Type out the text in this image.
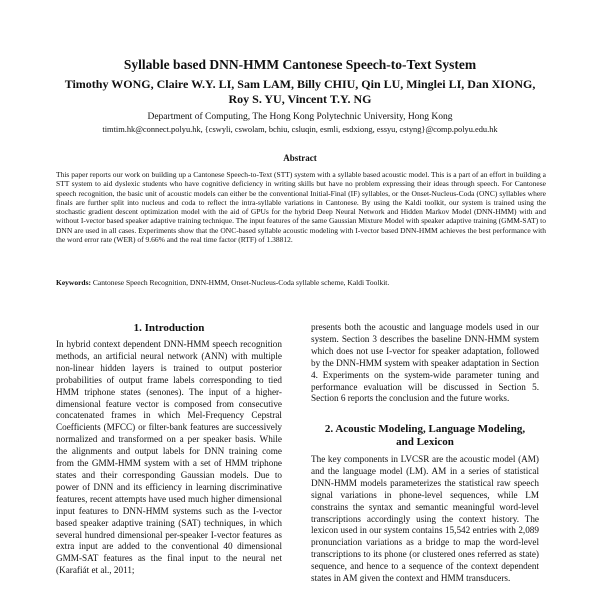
Syllable based DNN-HMM Cantonese Speech-to-Text System
Timothy WONG, Claire W.Y. LI, Sam LAM, Billy CHIU, Qin LU, Minglei LI, Dan XIONG,
Roy S. YU, Vincent T.Y. NG
Department of Computing, The Hong Kong Polytechnic University, Hong Kong
timtim.hk@connect.polyu.hk, {cswyli, cswolam, bchiu, csluqin, esmli, esdxiong, essyu, cstyng}@comp.polyu.edu.hk
Abstract

This paper reports our work on building up a Cantonese Speech-to-Text (STT) system with a syllable based acoustic model. This is a part of an effort in building a STT system to aid dyslexic students who have cognitive deficiency in writing skills but have no problem expressing their ideas through speech. For Cantonese speech recognition, the basic unit of acoustic models can either be the conventional Initial-Final (IF) syllables, or the Onset-Nucleus-Coda (ONC) syllables where finals are further split into nucleus and coda to reflect the intra-syllable variations in Cantonese. By using the Kaldi toolkit, our system is trained using the stochastic gradient descent optimization model with the aid of GPUs for the hybrid Deep Neural Network and Hidden Markov Model (DNN-HMM) with and without I-vector based speaker adaptive training technique. The input features of the same Gaussian Mixture Model with speaker adaptive training (GMM-SAT) to DNN are used in all cases. Experiments show that the ONC-based syllable acoustic modeling with I-vector based DNN-HMM achieves the best performance with the word error rate (WER) of 9.66% and the real time factor (RTF) of 1.38812.

Keywords: Cantonese Speech Recognition, DNN-HMM, Onset-Nucleus-Coda syllable scheme, Kaldi Toolkit.

1. Introduction

In hybrid context dependent DNN-HMM speech recognition methods, an artificial neural network (ANN) with multiple non-linear hidden layers is trained to output posterior probabilities of output frame labels corresponding to tied HMM triphone states (senones). The input of a higher-dimensional feature vector is composed from consecutive concatenated frames in which Mel-Frequency Cepstral Coefficients (MFCC) or filter-bank features are successively normalized and transformed on a per speaker basis. While the alignments and output labels for DNN training come from the GMM-HMM system with a set of HMM triphone states and their corresponding Gaussian models. Due to power of DNN and its efficiency in learning discriminative features, recent attempts have used much higher dimensional input features to DNN-HMM systems such as the I-vector based speaker adaptive training (SAT) techniques, in which several hundred dimensional per-speaker I-vector features as extra input are added to the conventional 40 dimensional GMM-SAT features as the final input to the neural net (Karafiát et al., 2011;

presents both the acoustic and language models used in our system. Section 3 describes the baseline DNN-HMM system which does not use I-vector for speaker adaptation, followed by the DNN-HMM system with speaker adaptation in Section 4. Experiments on the system-wide parameter tuning and performance evaluation will be discussed in Section 5. Section 6 reports the conclusion and the future works.

2. Acoustic Modeling, Language Modeling,
and Lexicon

The key components in LVCSR are the acoustic model (AM) and the language model (LM). AM in a series of statistical DNN-HMM models parameterizes the statistical raw speech signal variations in phone-level sequences, while LM constrains the syntax and semantic meaningful word-level transcriptions accordingly using the context history. The lexicon used in our system contains 15,542 entries with 2,089 pronunciation variations as a bridge to map the word-level transcriptions to its phone (or clustered ones referred as state) sequence, and hence to a sequence of the context dependent states in AM given the context and HMM transducers.
